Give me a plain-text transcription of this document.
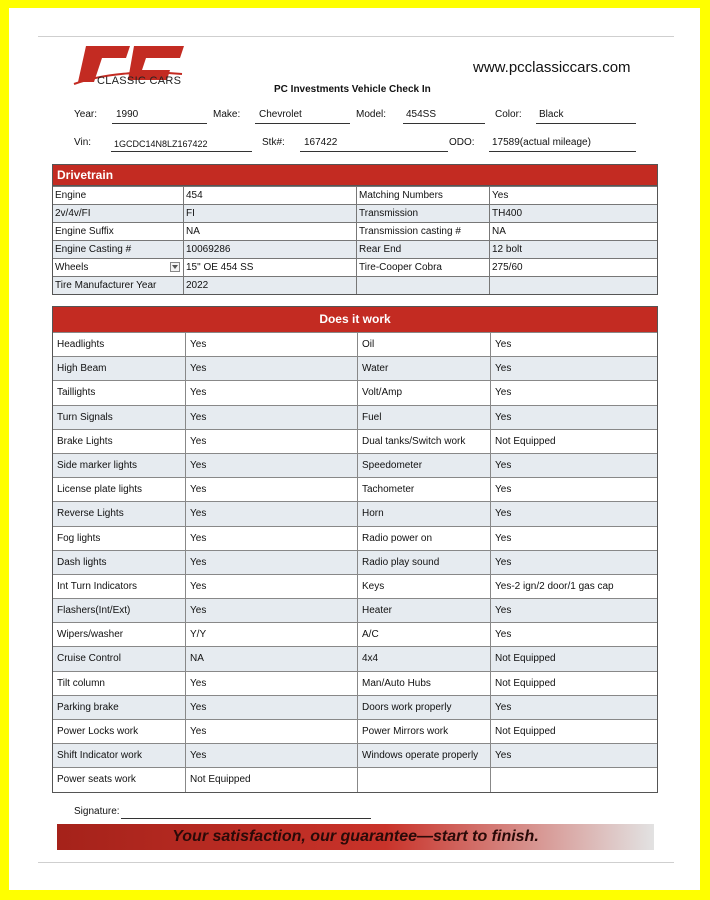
CLASSIC CARS
www.pcclassiccars.com
PC Investments Vehicle Check In
Year: 1990	Make: Chevrolet	Model: 454SS	Color: Black
Vin:	1GCDC14N8LZ167422	Stk#: 167422	ODO: 17589(actual mileage)
Drivetrain
Engine	454	Matching Numbers	Yes
2v/4v/FI	FI	Transmission	TH400
Engine Suffix	NA	Transmission casting #	NA
Engine Casting #	10069286	Rear End	12 bolt
Wheels	15" OE 454 SS	Tire-Cooper Cobra	275/60
Tire Manufacturer Year	2022
Does it work
Headlights	Yes	Oil	Yes
High Beam	Yes	Water	Yes
Taillights	Yes	Volt/Amp	Yes
Turn Signals	Yes	Fuel	Yes
Brake Lights	Yes	Dual tanks/Switch work	Not Equipped
Side marker lights	Yes	Speedometer	Yes
License plate lights	Yes	Tachometer	Yes
Reverse Lights	Yes	Horn	Yes
Fog lights	Yes	Radio power on	Yes
Dash lights	Yes	Radio play sound	Yes
Int Turn Indicators	Yes	Keys	Yes-2 ign/2 door/1 gas cap
Flashers(Int/Ext)	Yes	Heater	Yes
Wipers/washer	Y/Y	A/C	Yes
Cruise Control	NA	4x4	Not Equipped
Tilt column	Yes	Man/Auto Hubs	Not Equipped
Parking brake	Yes	Doors work properly	Yes
Power Locks work	Yes	Power Mirrors work	Not Equipped
Shift Indicator work	Yes	Windows operate properly	Yes
Power seats work	Not Equipped
Signature:
Your satisfaction, our guarantee—start to finish.
